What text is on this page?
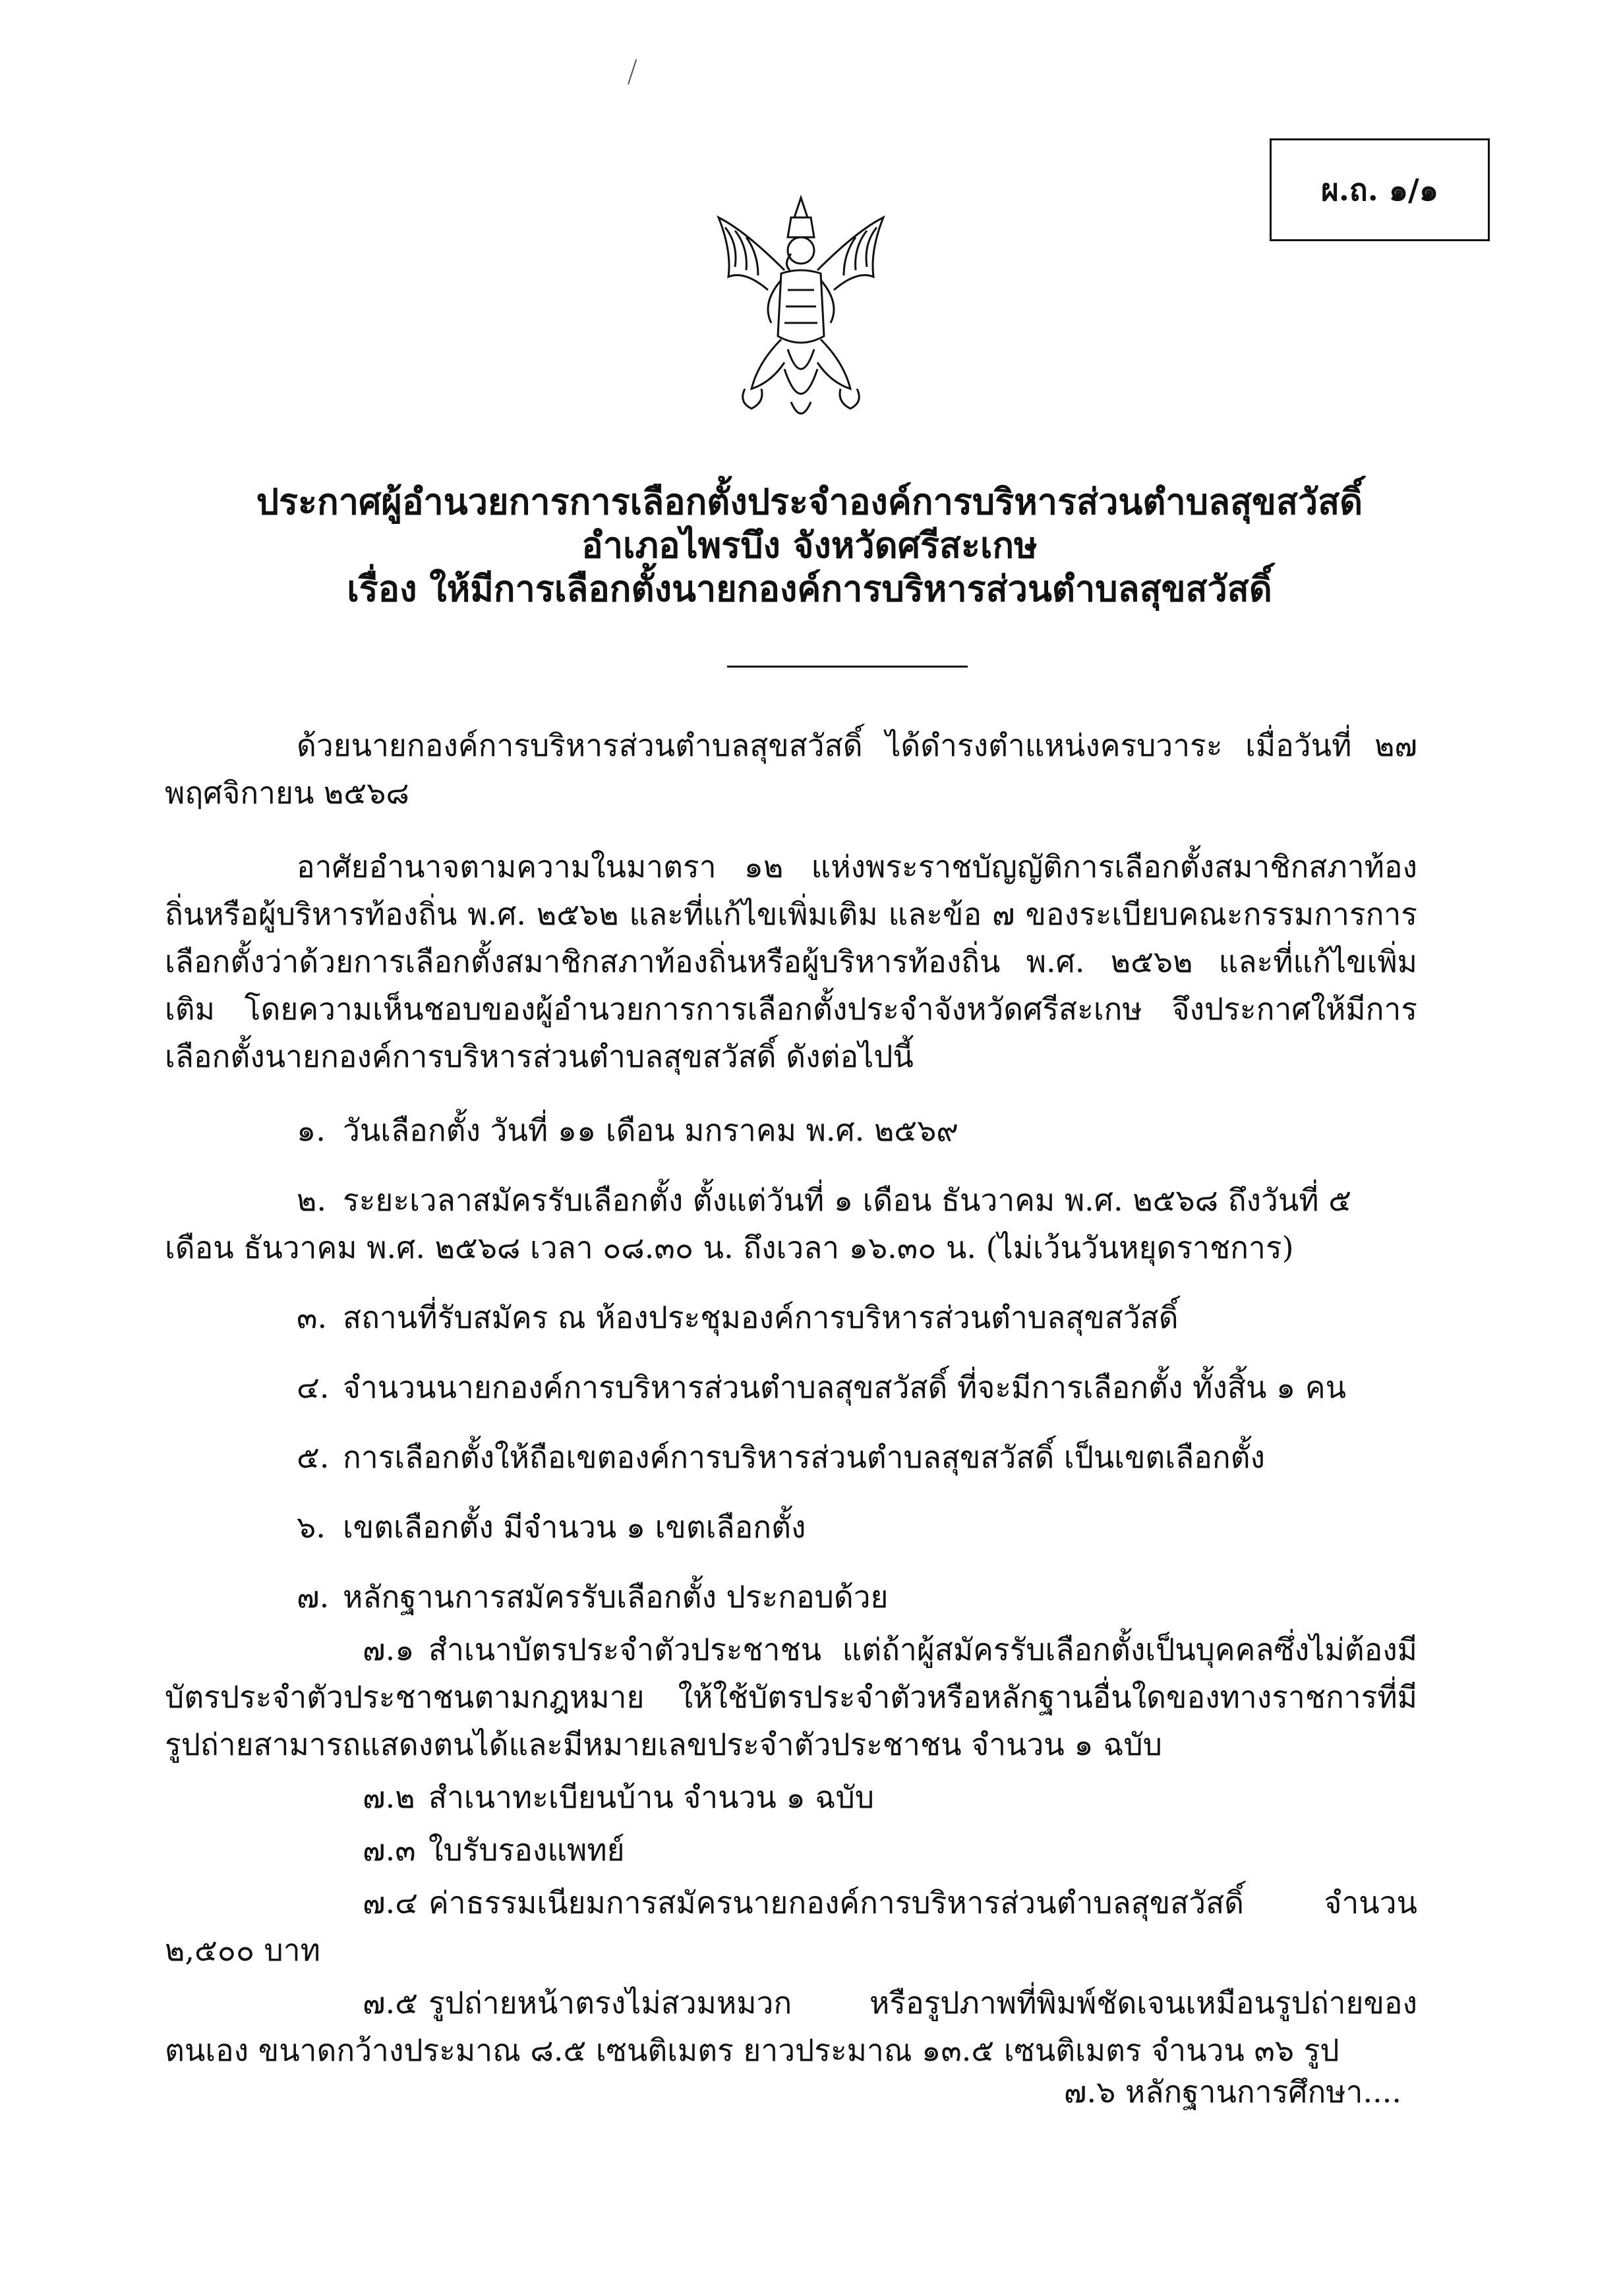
ผ.ถ. ๑/๑
ประกาศผู้อำนวยการการเลือกตั้งประจำองค์การบริหารส่วนตำบลสุขสวัสดิ์
อำเภอไพรบึง จังหวัดศรีสะเกษ
เรื่อง ให้มีการเลือกตั้งนายกองค์การบริหารส่วนตำบลสุขสวัสดิ์

ด้วยนายกองค์การบริหารส่วนตำบลสุขสวัสดิ์ ได้ดำรงตำแหน่งครบวาระ เมื่อวันที่ ๒๗ พฤศจิกายน ๒๕๖๘

อาศัยอำนาจตามความในมาตรา ๑๒ แห่งพระราชบัญญัติการเลือกตั้งสมาชิกสภาท้องถิ่นหรือผู้บริหารท้องถิ่น พ.ศ. ๒๕๖๒ และที่แก้ไขเพิ่มเติม และข้อ ๗ ของระเบียบคณะกรรมการการเลือกตั้งว่าด้วยการเลือกตั้งสมาชิกสภาท้องถิ่นหรือผู้บริหารท้องถิ่น พ.ศ. ๒๕๖๒ และที่แก้ไขเพิ่มเติม โดยความเห็นชอบของผู้อำนวยการการเลือกตั้งประจำจังหวัดศรีสะเกษ จึงประกาศให้มีการเลือกตั้งนายกองค์การบริหารส่วนตำบลสุขสวัสดิ์ ดังต่อไปนี้

๑. วันเลือกตั้ง วันที่ ๑๑ เดือน มกราคม พ.ศ. ๒๕๖๙

๒. ระยะเวลาสมัครรับเลือกตั้ง ตั้งแต่วันที่ ๑ เดือน ธันวาคม พ.ศ. ๒๕๖๘ ถึงวันที่ ๕ เดือน ธันวาคม พ.ศ. ๒๕๖๘ เวลา ๐๘.๓๐ น. ถึงเวลา ๑๖.๓๐ น. (ไม่เว้นวันหยุดราชการ)

๓. สถานที่รับสมัคร ณ ห้องประชุมองค์การบริหารส่วนตำบลสุขสวัสดิ์

๔. จำนวนนายกองค์การบริหารส่วนตำบลสุขสวัสดิ์ ที่จะมีการเลือกตั้ง ทั้งสิ้น ๑ คน

๕. การเลือกตั้งให้ถือเขตองค์การบริหารส่วนตำบลสุขสวัสดิ์ เป็นเขตเลือกตั้ง

๖. เขตเลือกตั้ง มีจำนวน ๑ เขตเลือกตั้ง

๗. หลักฐานการสมัครรับเลือกตั้ง ประกอบด้วย

๗.๑ สำเนาบัตรประจำตัวประชาชน แต่ถ้าผู้สมัครรับเลือกตั้งเป็นบุคคลซึ่งไม่ต้องมีบัตรประจำตัวประชาชนตามกฎหมาย ให้ใช้บัตรประจำตัวหรือหลักฐานอื่นใดของทางราชการที่มีรูปถ่ายสามารถแสดงตนได้และมีหมายเลขประจำตัวประชาชน จำนวน ๑ ฉบับ

๗.๒ สำเนาทะเบียนบ้าน จำนวน ๑ ฉบับ

๗.๓ ใบรับรองแพทย์

๗.๔ ค่าธรรมเนียมการสมัครนายกองค์การบริหารส่วนตำบลสุขสวัสดิ์ จำนวน ๒,๕๐๐ บาท

๗.๕ รูปถ่ายหน้าตรงไม่สวมหมวก หรือรูปภาพที่พิมพ์ชัดเจนเหมือนรูปถ่ายของตนเอง ขนาดกว้างประมาณ ๘.๕ เซนติเมตร ยาวประมาณ ๑๓.๕ เซนติเมตร จำนวน ๓๖ รูป

๗.๖ หลักฐานการศึกษา....
